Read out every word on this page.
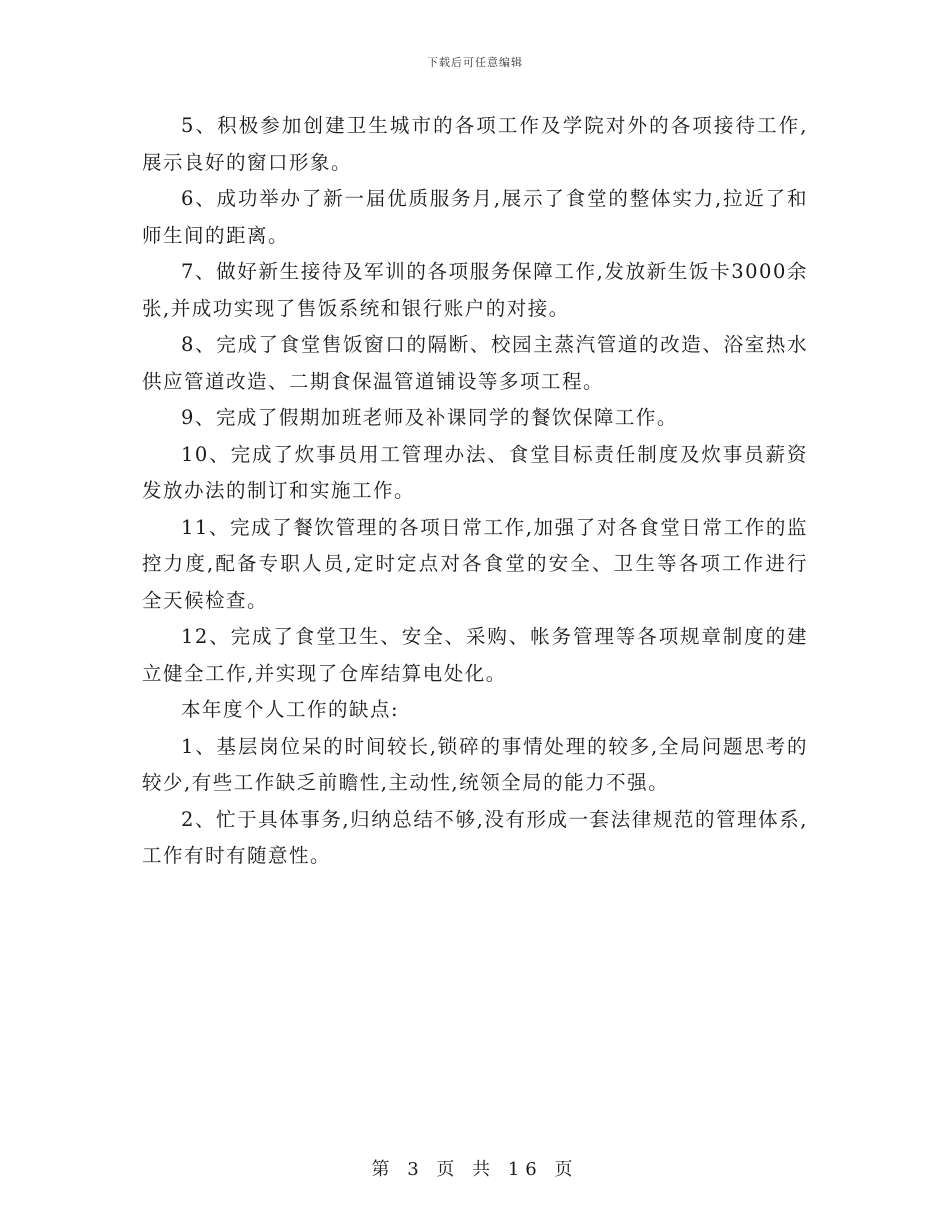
下载后可任意编辑

5、积极参加创建卫生城市的各项工作及学院对外的各项接待工作,展示良好的窗口形象。

6、成功举办了新一届优质服务月,展示了食堂的整体实力,拉近了和师生间的距离。

7、做好新生接待及军训的各项服务保障工作,发放新生饭卡3000余张,并成功实现了售饭系统和银行账户的对接。

8、完成了食堂售饭窗口的隔断、校园主蒸汽管道的改造、浴室热水供应管道改造、二期食保温管道铺设等多项工程。

9、完成了假期加班老师及补课同学的餐饮保障工作。

10、完成了炊事员用工管理办法、食堂目标责任制度及炊事员薪资发放办法的制订和实施工作。

11、完成了餐饮管理的各项日常工作,加强了对各食堂日常工作的监控力度,配备专职人员,定时定点对各食堂的安全、卫生等各项工作进行全天候检查。

12、完成了食堂卫生、安全、采购、帐务管理等各项规章制度的建立健全工作,并实现了仓库结算电处化。

本年度个人工作的缺点:

1、基层岗位呆的时间较长,锁碎的事情处理的较多,全局问题思考的较少,有些工作缺乏前瞻性,主动性,统领全局的能力不强。

2、忙于具体事务,归纳总结不够,没有形成一套法律规范的管理体系,工作有时有随意性。

第 3 页 共 16 页
